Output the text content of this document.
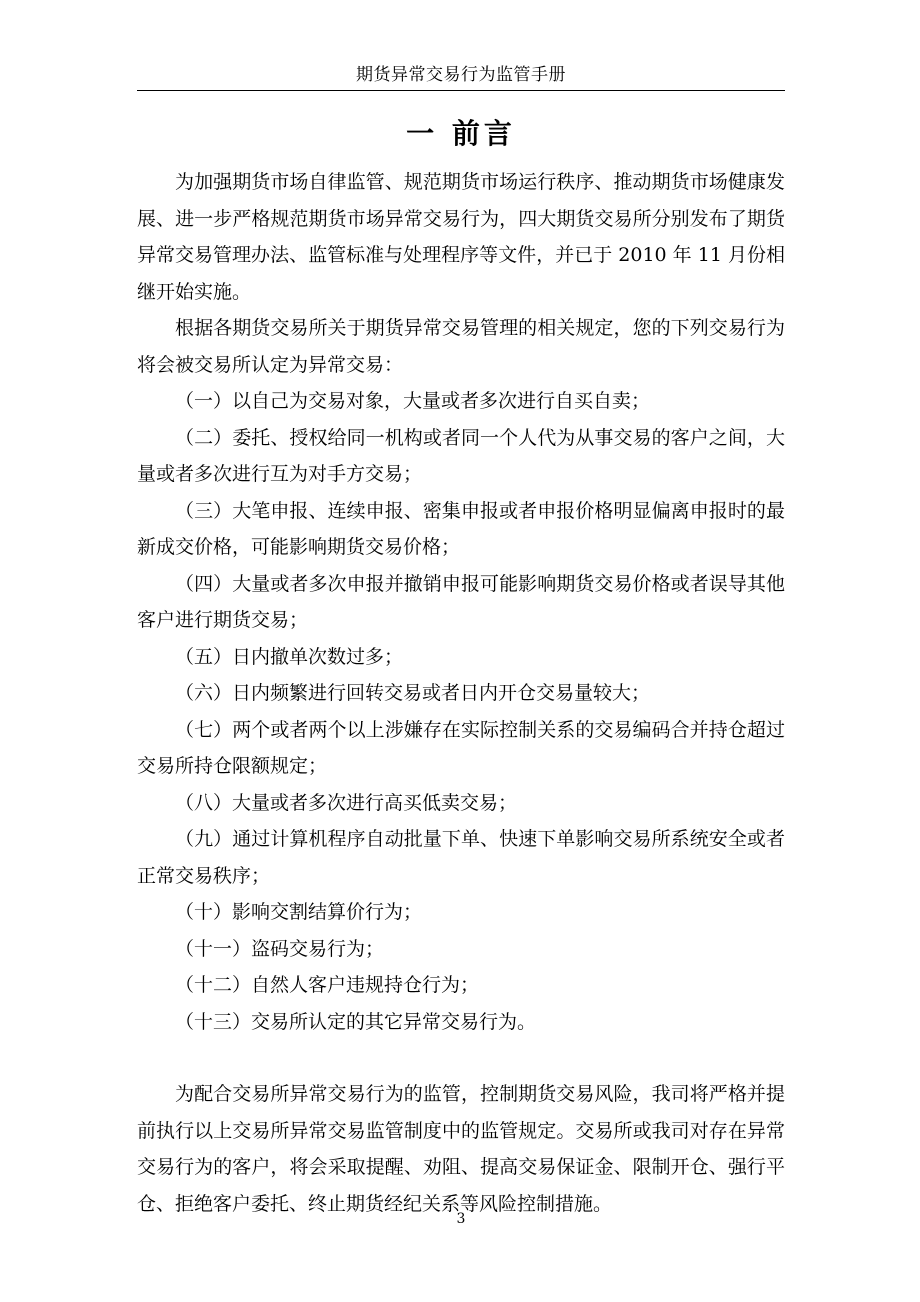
期货异常交易行为监管手册
一 前言

为加强期货市场自律监管、规范期货市场运行秩序、推动期货市场健康发展、进一步严格规范期货市场异常交易行为，四大期货交易所分别发布了期货异常交易管理办法、监管标准与处理程序等文件，并已于 2010 年 11 月份相继开始实施。

根据各期货交易所关于期货异常交易管理的相关规定，您的下列交易行为将会被交易所认定为异常交易：

（一）以自己为交易对象，大量或者多次进行自买自卖；

（二）委托、授权给同一机构或者同一个人代为从事交易的客户之间，大量或者多次进行互为对手方交易；

（三）大笔申报、连续申报、密集申报或者申报价格明显偏离申报时的最新成交价格，可能影响期货交易价格；

（四）大量或者多次申报并撤销申报可能影响期货交易价格或者误导其他客户进行期货交易；

（五）日内撤单次数过多；

（六）日内频繁进行回转交易或者日内开仓交易量较大；

（七）两个或者两个以上涉嫌存在实际控制关系的交易编码合并持仓超过交易所持仓限额规定；

（八）大量或者多次进行高买低卖交易；

（九）通过计算机程序自动批量下单、快速下单影响交易所系统安全或者正常交易秩序；

（十）影响交割结算价行为；

（十一）盗码交易行为；

（十二）自然人客户违规持仓行为；

（十三）交易所认定的其它异常交易行为。

为配合交易所异常交易行为的监管，控制期货交易风险，我司将严格并提前执行以上交易所异常交易监管制度中的监管规定。交易所或我司对存在异常交易行为的客户，将会采取提醒、劝阻、提高交易保证金、限制开仓、强行平仓、拒绝客户委托、终止期货经纪关系等风险控制措施。

3
